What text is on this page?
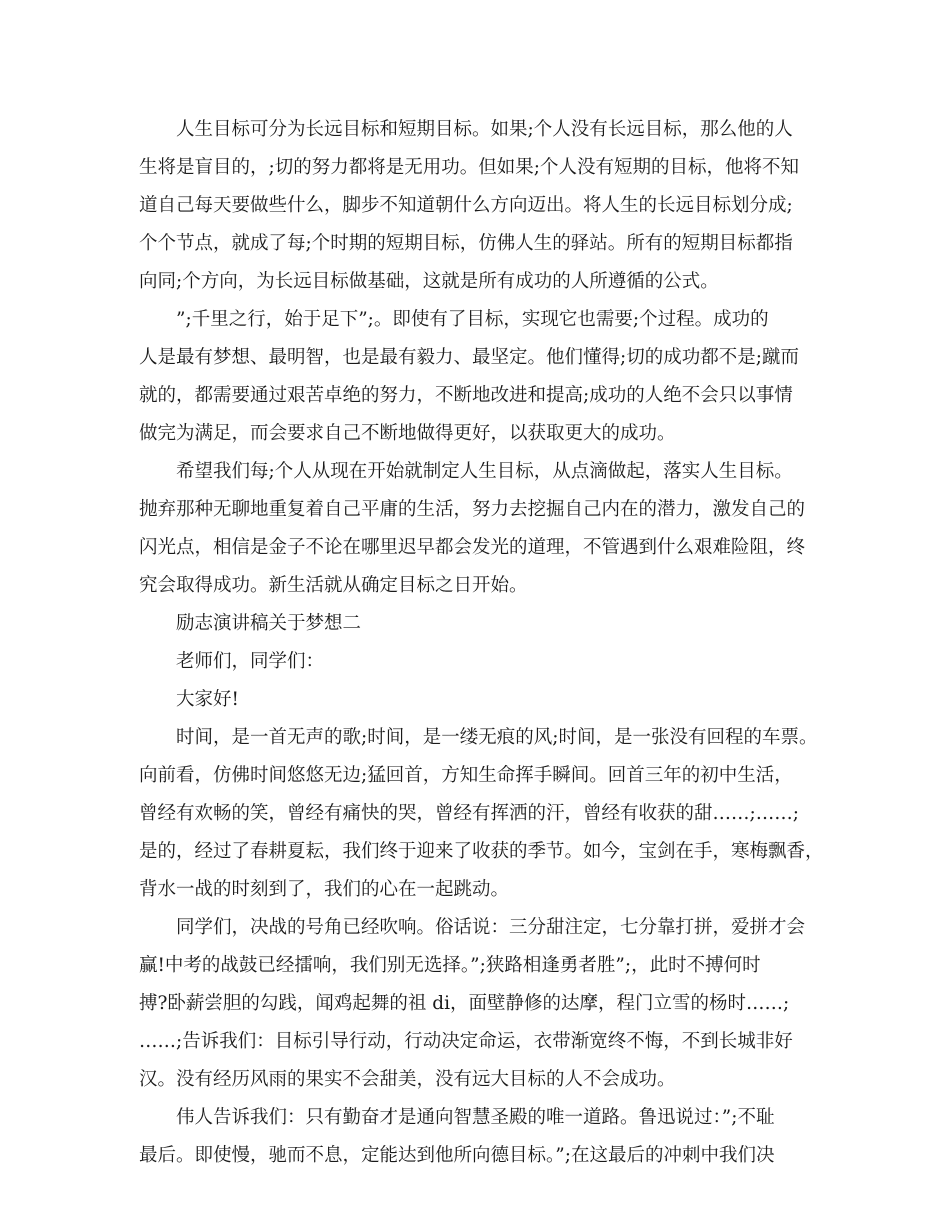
人生目标可分为长远目标和短期目标。如果;个人没有长远目标，那么他的人

生将是盲目的，;切的努力都将是无用功。但如果;个人没有短期的目标，他将不知

道自己每天要做些什么，脚步不知道朝什么方向迈出。将人生的长远目标划分成;

个个节点，就成了每;个时期的短期目标，仿佛人生的驿站。所有的短期目标都指

向同;个方向，为长远目标做基础，这就是所有成功的人所遵循的公式。

”;千里之行，始于足下”;。即使有了目标，实现它也需要;个过程。成功的

人是最有梦想、最明智，也是最有毅力、最坚定。他们懂得;切的成功都不是;蹴而

就的，都需要通过艰苦卓绝的努力，不断地改进和提高;成功的人绝不会只以事情

做完为满足，而会要求自己不断地做得更好，以获取更大的成功。

希望我们每;个人从现在开始就制定人生目标，从点滴做起，落实人生目标。

抛弃那种无聊地重复着自己平庸的生活，努力去挖掘自己内在的潜力，激发自己的

闪光点，相信是金子不论在哪里迟早都会发光的道理，不管遇到什么艰难险阻，终

究会取得成功。新生活就从确定目标之日开始。

励志演讲稿关于梦想二

老师们，同学们：

大家好!

时间，是一首无声的歌;时间，是一缕无痕的风;时间，是一张没有回程的车票。

向前看，仿佛时间悠悠无边;猛回首，方知生命挥手瞬间。回首三年的初中生活，

曾经有欢畅的笑，曾经有痛快的哭，曾经有挥洒的汗，曾经有收获的甜……;……;

是的，经过了春耕夏耘，我们终于迎来了收获的季节。如今，宝剑在手，寒梅飘香，

背水一战的时刻到了，我们的心在一起跳动。

同学们，决战的号角已经吹响。俗话说：三分甜注定，七分靠打拼，爱拼才会

赢!中考的战鼓已经擂响，我们别无选择。”;狭路相逢勇者胜”;，此时不搏何时

搏?卧薪尝胆的勾践，闻鸡起舞的祖 di，面壁静修的达摩，程门立雪的杨时……;

……;告诉我们：目标引导行动，行动决定命运，衣带渐宽终不悔，不到长城非好

汉。没有经历风雨的果实不会甜美，没有远大目标的人不会成功。

伟人告诉我们：只有勤奋才是通向智慧圣殿的唯一道路。鲁迅说过：”;不耻

最后。即使慢，驰而不息，定能达到他所向德目标。”;在这最后的冲刺中我们决
